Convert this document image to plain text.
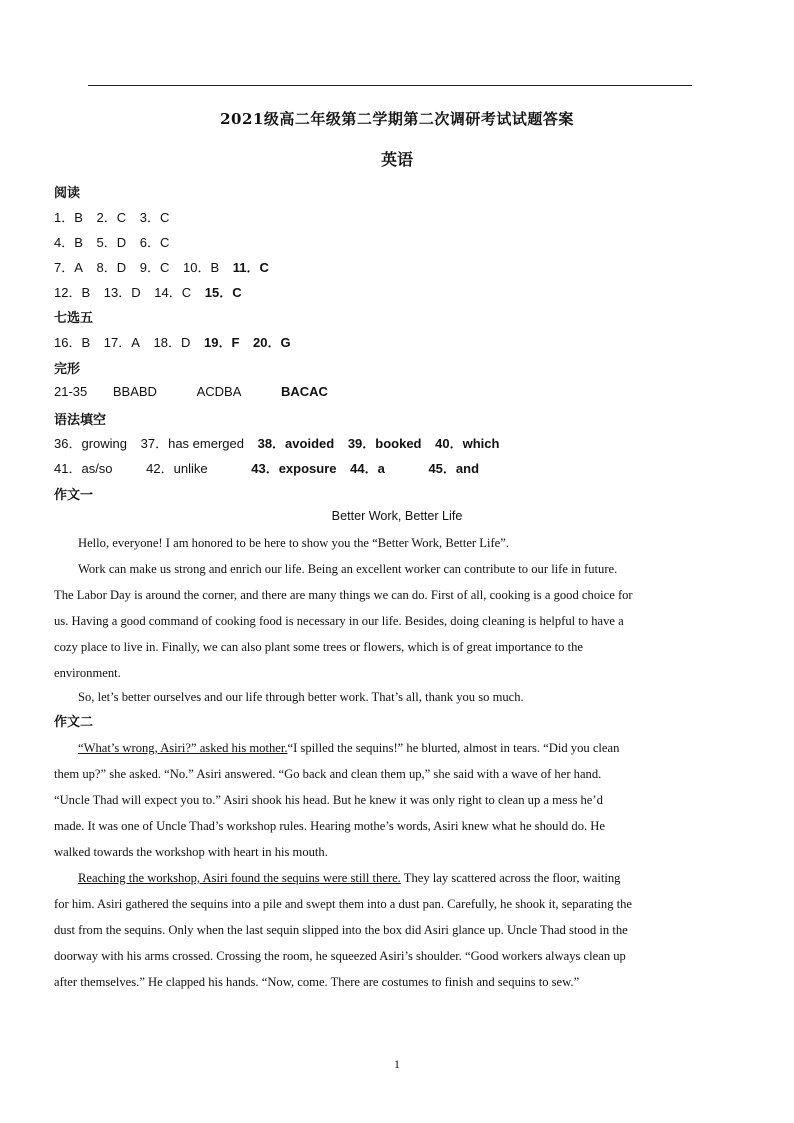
2021级高二年级第二学期第二次调研考试试题答案
英语
阅读
1．B 2．C 3．C
4．B 5．D 6．C
7．A 8．D 9．C 10．B 11．C
12．B 13．D 14．C 15．C
七选五
16．B 17．A 18．D 19．F 20．G
完形
21-35 BBABD	ACDBA	BACAC
语法填空
36．growing 37．has emerged 38．avoided 39．booked 40．which
41．as/so	42．unlike	43．exposure 44．a	45．and
作文一
Better Work, Better Life
Hello, everyone! I am honored to be here to show you the “Better Work, Better Life”.
Work can make us strong and enrich our life. Being an excellent worker can contribute to our life in future.
The Labor Day is around the corner, and there are many things we can do. First of all, cooking is a good choice for
us. Having a good command of cooking food is necessary in our life. Besides, doing cleaning is helpful to have a
cozy place to live in. Finally, we can also plant some trees or flowers, which is of great importance to the
environment.
So, let’s better ourselves and our life through better work. That’s all, thank you so much.
作文二
“What’s wrong, Asiri?” asked his mother.“I spilled the sequins!” he blurted, almost in tears. “Did you clean
them up?” she asked. “No.” Asiri answered. “Go back and clean them up,” she said with a wave of her hand.
“Uncle Thad will expect you to.” Asiri shook his head. But he knew it was only right to clean up a mess he’d
made. It was one of Uncle Thad’s workshop rules. Hearing mothe’s words, Asiri knew what he should do. He
walked towards the workshop with heart in his mouth.
Reaching the workshop, Asiri found the sequins were still there. They lay scattered across the floor, waiting
for him. Asiri gathered the sequins into a pile and swept them into a dust pan. Carefully, he shook it, separating the
dust from the sequins. Only when the last sequin slipped into the box did Asiri glance up. Uncle Thad stood in the
doorway with his arms crossed. Crossing the room, he squeezed Asiri’s shoulder. “Good workers always clean up
after themselves.” He clapped his hands. “Now, come. There are costumes to finish and sequins to sew.”
1
